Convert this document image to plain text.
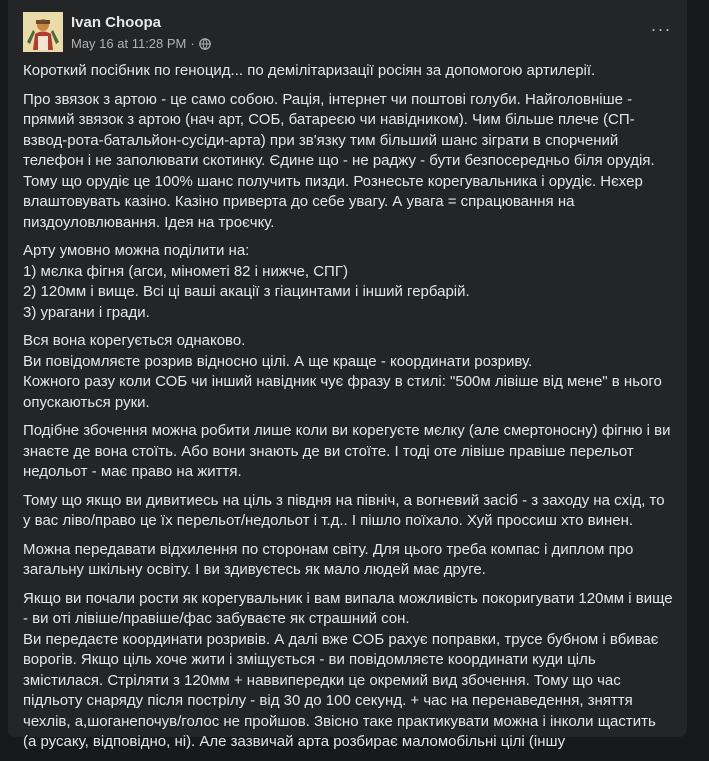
Ivan Choopa
May 16 at 11:28 PM ·
···

Короткий посібник по геноцид... по демілітаризації росіян за допомогою артилерії.

Про звязок з артою - це само собою. Рація, інтернет чи поштові голуби. Найголовніше - прямий звязок з артою (нач арт, СОБ, батареєю чи навідником). Чим більше плече (СП-взвод-рота-батальйон-сусіди-арта) при зв'язку тим більший шанс зіграти в спорчений телефон і не заполювати скотинку. Єдине що - не раджу - бути безпосередньо біля орудія. Тому що орудіє це 100% шанс получить пизди. Рознесьте корегувальника і орудіє. Нєхер влаштовувать казіно. Казіно приверта до себе увагу. А увага = спрацювання на пиздоуловлювання. Ідея на троєчку.

Арту умовно можна поділити на:
1) мєлка фігня (агси, мінометі 82 і нижче, СПГ)
2) 120мм і вище. Всі ці ваші акації з гіацинтами і інший гербарій.
3) урагани і гради.

Вся вона корегується однаково.
Ви повідомляєте розрив відносно цілі. А ще краще - координати розриву.
Кожного разу коли СОБ чи інший навідник чує фразу в стилі: "500м лівіше від мене" в нього опускаються руки.

Подібне збочення можна робити лише коли ви корегуєте мєлку (але смертоносну) фігню і ви знаєте де вона стоїть. Або вони знають де ви стоїте. І тоді оте лівіше правіше перельот недольот - має право на життя.

Тому що якщо ви дивитиесь на ціль з півдня на північ, а вогневий засіб - з заходу на схід, то у вас ліво/право це їх перельот/недольот і т.д.. І пішло поїхало. Хуй проссиш хто винен.

Можна передавати відхилення по сторонам світу. Для цього треба компас і диплом про загальну шкільну освіту. І ви здивуєтесь як мало людей має друге.

Якщо ви почали рости як корегувальник і вам випала можливість покоригувати 120мм і вище - ви оті лівіше/правіше/фас забуваєте як страшний сон.
Ви передаєте координати розривів. А далі вже СОБ рахує поправки, трусе бубном і вбиває ворогів. Якщо ціль хоче жити і зміщується - ви повідомляєте координати куди ціль змістилася. Стріляти з 120мм + наввипередки це окремий вид збочення. Тому що час підльоту снаряду після пострілу - від 30 до 100 секунд. + час на перенаведення, зняття чехлів, а,шоганепочув/голос не пройшов. Звісно таке практикувати можна і інколи щастить (а русаку, відповідно, ні). Але зазвичай арта розбирає маломобільні цілі (іншу
